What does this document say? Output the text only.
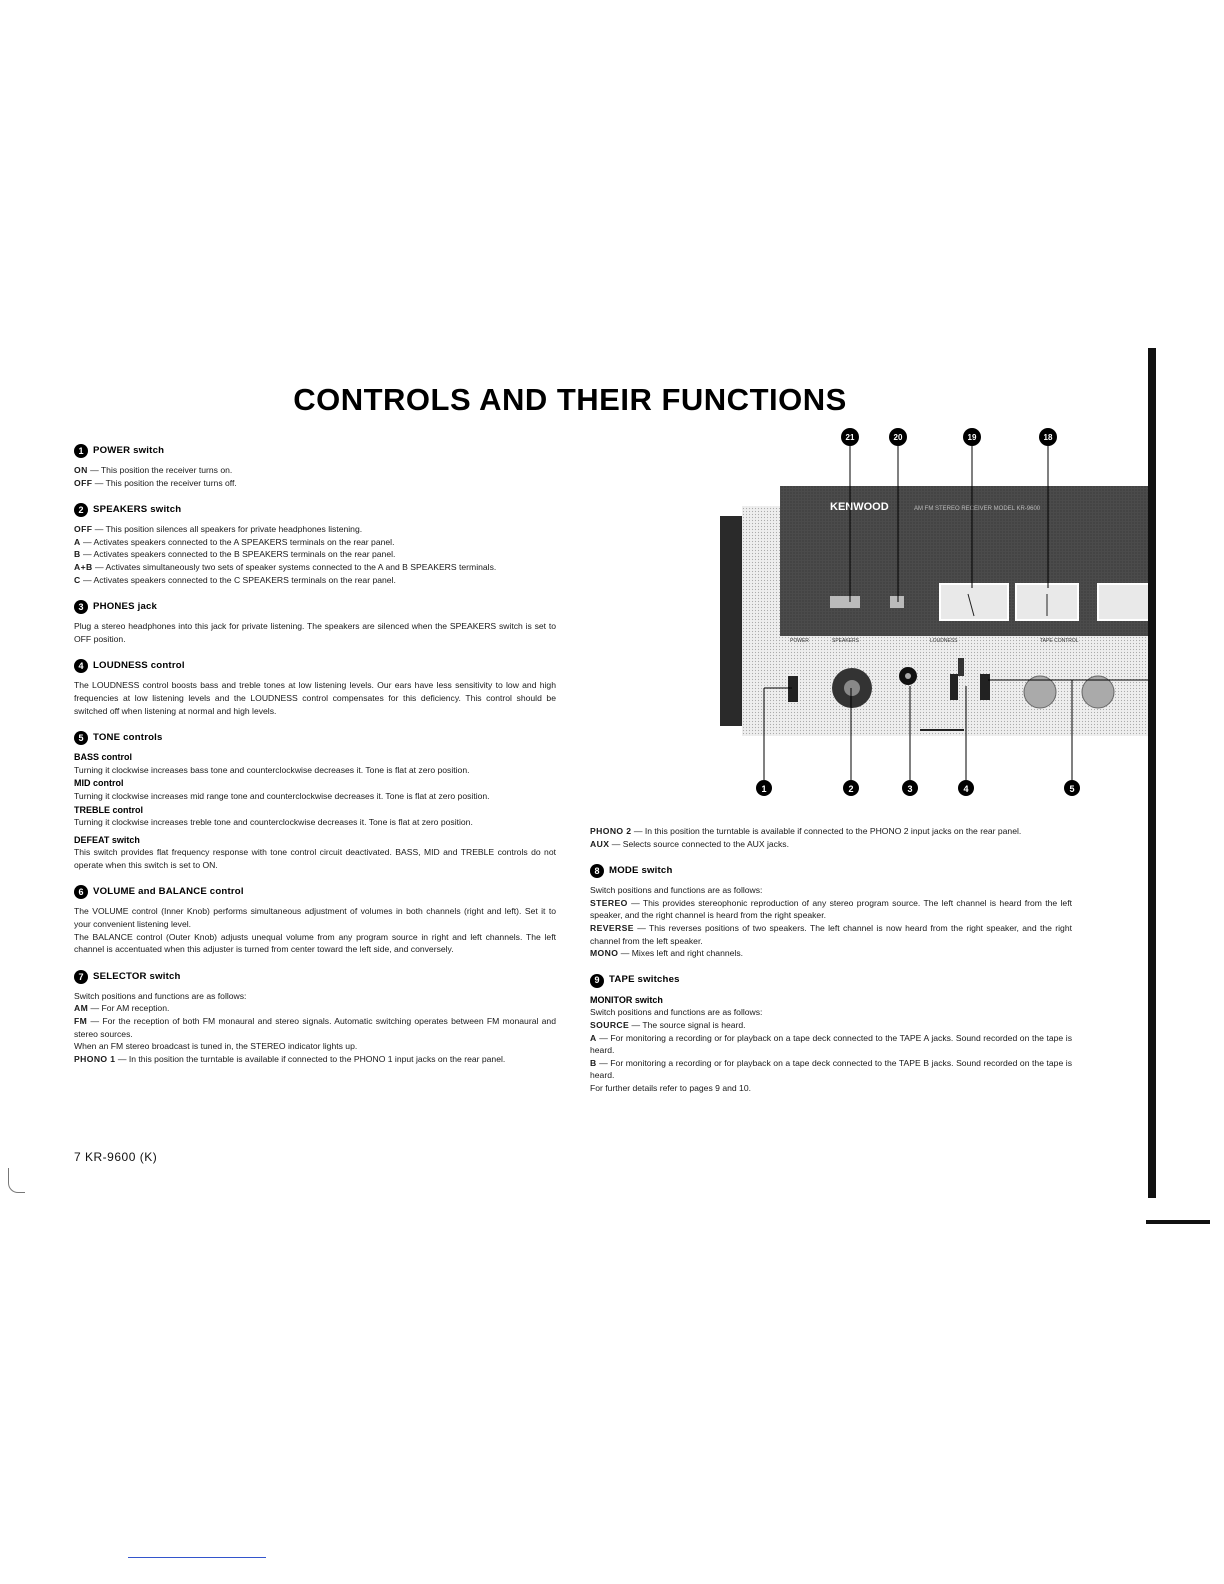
CONTROLS AND THEIR FUNCTIONS
1 POWER switch
ON — This position the receiver turns on.
OFF — This position the receiver turns off.
2 SPEAKERS switch
OFF — This position silences all speakers for private headphones listening.
A — Activates speakers connected to the A SPEAKERS terminals on the rear panel.
B — Activates speakers connected to the B SPEAKERS terminals on the rear panel.
A+B — Activates simultaneously two sets of speaker systems connected to the A and B SPEAKERS terminals.
C — Activates speakers connected to the C SPEAKERS terminals on the rear panel.
3 PHONES jack
Plug a stereo headphones into this jack for private listening. The speakers are silenced when the SPEAKERS switch is set to OFF position.
4 LOUDNESS control
The LOUDNESS control boosts bass and treble tones at low listening levels. Our ears have less sensitivity to low and high frequencies at low listening levels and the LOUDNESS control compensates for this deficiency. This control should be switched off when listening at normal and high levels.
5 TONE controls
BASS control
Turning it clockwise increases bass tone and counterclockwise decreases it. Tone is flat at zero position.
MID control
Turning it clockwise increases mid range tone and counterclockwise decreases it. Tone is flat at zero position.
TREBLE control
Turning it clockwise increases treble tone and counterclockwise decreases it. Tone is flat at zero position.
DEFEAT switch
This switch provides flat frequency response with tone control circuit deactivated. BASS, MID and TREBLE controls do not operate when this switch is set to ON.
6 VOLUME and BALANCE control
The VOLUME control (Inner Knob) performs simultaneous adjustment of volumes in both channels (right and left). Set it to your convenient listening level.
The BALANCE control (Outer Knob) adjusts unequal volume from any program source in right and left channels. The left channel is accentuated when this adjuster is turned from center toward the left side, and conversely.
7 SELECTOR switch
Switch positions and functions are as follows:
AM — For AM reception.
FM — For the reception of both FM monaural and stereo signals. Automatic switching operates between FM monaural and stereo sources.
When an FM stereo broadcast is tuned in, the STEREO indicator lights up.
PHONO 1 — In this position the turntable is available if connected to the PHONO 1 input jacks on the rear panel.
KENWOOD	AM FM STEREO RECEIVER MODEL KR-9600
POWER	SPEAKERS	LOUDNESS	TAPE CONTROL
21	20	19	18
1	2	3	4	5
PHONO 2 — In this position the turntable is available if connected to the PHONO 2 input jacks on the rear panel.
AUX — Selects source connected to the AUX jacks.
8 MODE switch
Switch positions and functions are as follows:
STEREO — This provides stereophonic reproduction of any stereo program source. The left channel is heard from the left speaker, and the right channel is heard from the right speaker.
REVERSE — This reverses positions of two speakers. The left channel is now heard from the right speaker, and the right channel from the left speaker.
MONO — Mixes left and right channels.
9 TAPE switches
MONITOR switch
Switch positions and functions are as follows:
SOURCE — The source signal is heard.
A — For monitoring a recording or for playback on a tape deck connected to the TAPE A jacks. Sound recorded on the tape is heard.
B — For monitoring a recording or for playback on a tape deck connected to the TAPE B jacks. Sound recorded on the tape is heard.
For further details refer to pages 9 and 10.
7 KR-9600 (K)
